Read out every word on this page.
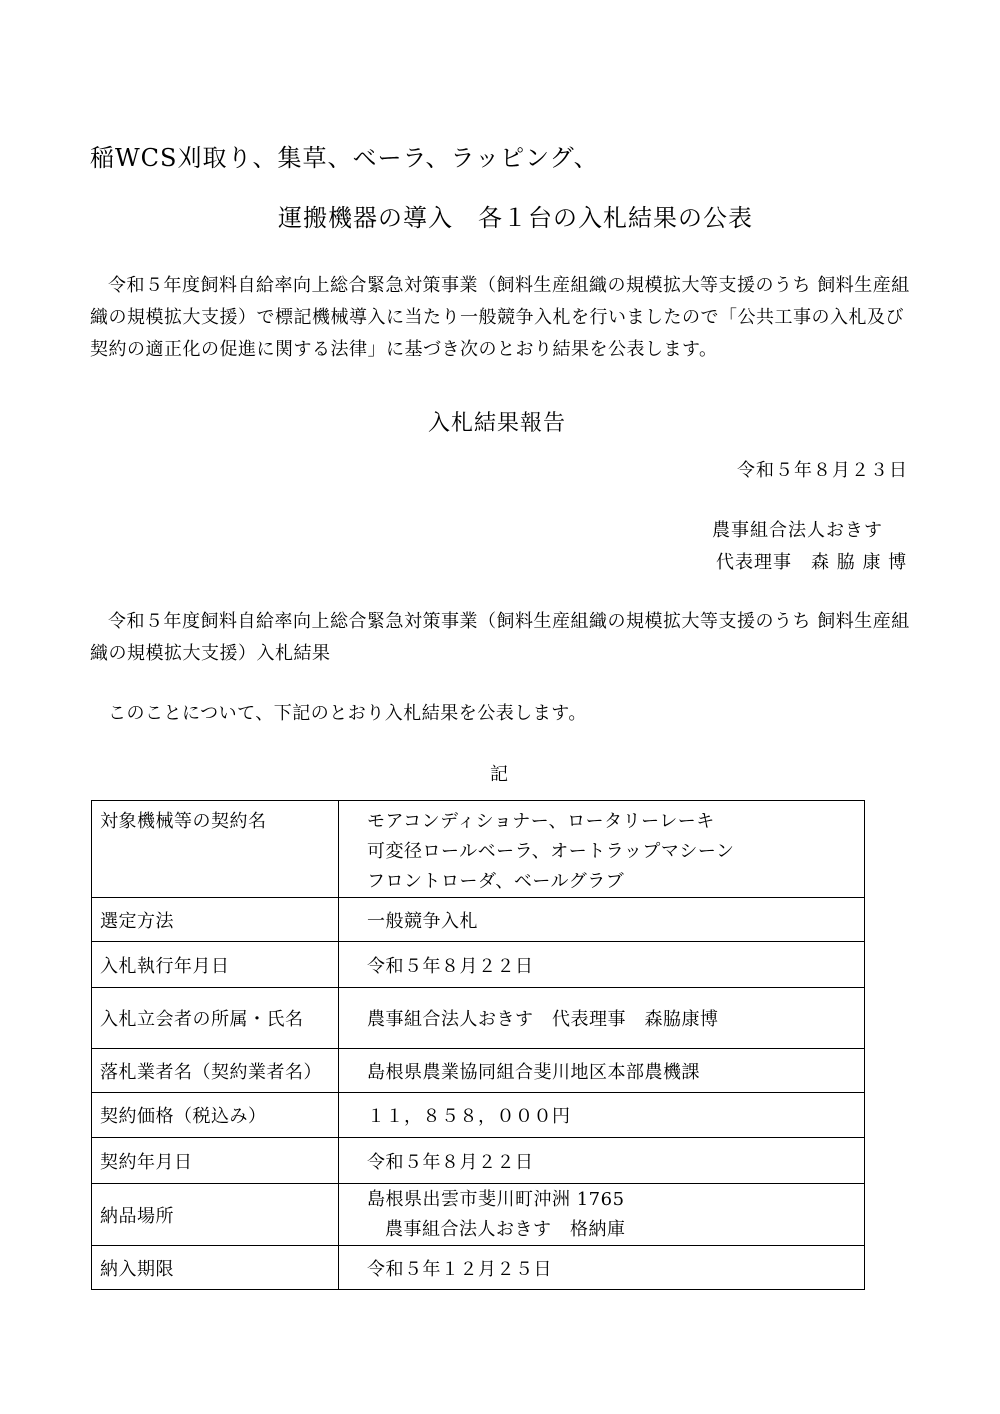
稲WCS刈取り、集草、ベーラ、ラッピング、
運搬機器の導入　各１台の入札結果の公表
令和５年度飼料自給率向上総合緊急対策事業（飼料生産組織の規模拡大等支援のうち 飼料生産組織の規模拡大支援）で標記機械導入に当たり一般競争入札を行いましたので「公共工事の入札及び契約の適正化の促進に関する法律」に基づき次のとおり結果を公表します。
入札結果報告
令和５年８月２３日
農事組合法人おきす
代表理事　森 脇 康 博
令和５年度飼料自給率向上総合緊急対策事業（飼料生産組織の規模拡大等支援のうち 飼料生産組織の規模拡大支援）入札結果
このことについて、下記のとおり入札結果を公表します。
記
対象機械等の契約名	モアコンディショナー、ロータリーレーキ
可変径ロールベーラ、オートラップマシーン
フロントローダ、ベールグラブ

選定方法	一般競争入札
入札執行年月日	令和５年８月２２日
入札立会者の所属・氏名	農事組合法人おきす　代表理事　森脇康博
落札業者名（契約業者名）	島根県農業協同組合斐川地区本部農機課
契約価格（税込み）	１１，８５８，０００円
契約年月日	令和５年８月２２日
納品場所	島根県出雲市斐川町沖洲 1765
農事組合法人おきす　格納庫

納入期限	令和５年１２月２５日
